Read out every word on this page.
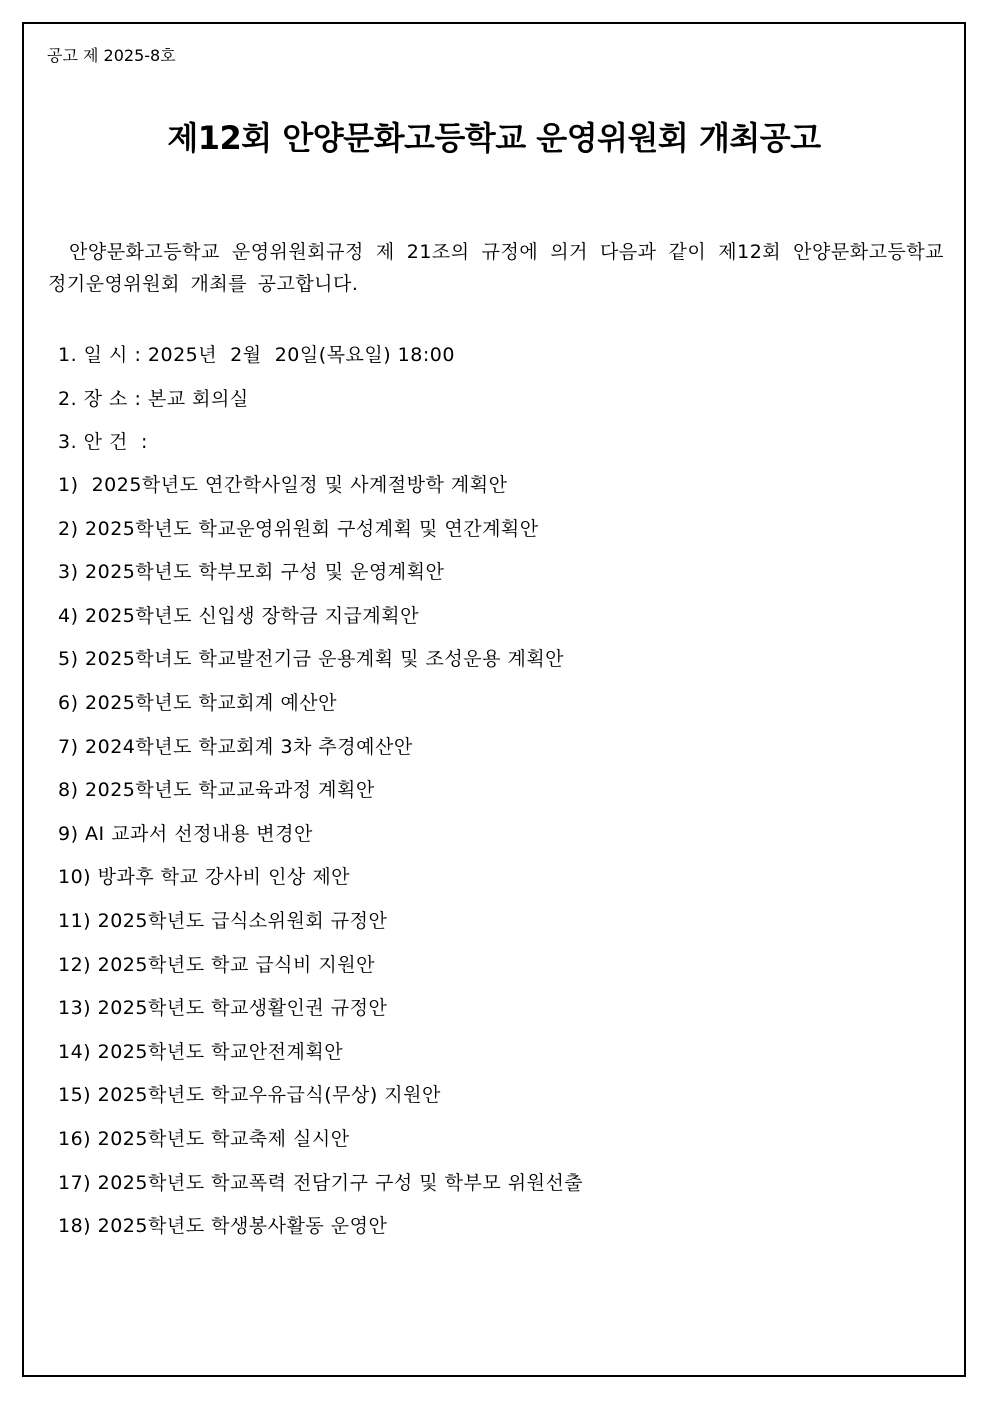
공고 제 2025-8호
제12회 안양문화고등학교 운영위원회 개최공고
안양문화고등학교 운영위원회규정 제 21조의 규정에 의거 다음과 같이 제12회 안양문화고등학교 정기운영위원회 개최를 공고합니다.
1. 일 시 : 2025년  2월  20일(목요일) 18:00
2. 장 소 : 본교 회의실
3. 안 건  :
1)  2025학년도 연간학사일정 및 사계절방학 계획안
2) 2025학년도 학교운영위원회 구성계획 및 연간계획안
3) 2025학년도 학부모회 구성 및 운영계획안
4) 2025학년도 신입생 장학금 지급계획안
5) 2025학녀도 학교발전기금 운용계획 및 조성운용 계획안
6) 2025학년도 학교회계 예산안
7) 2024학년도 학교회계 3차 추경예산안
8) 2025학년도 학교교육과정 계획안
9) AI 교과서 선정내용 변경안
10) 방과후 학교 강사비 인상 제안
11) 2025학년도 급식소위원회 규정안
12) 2025학년도 학교 급식비 지원안
13) 2025학년도 학교생활인권 규정안
14) 2025학년도 학교안전계획안
15) 2025학년도 학교우유급식(무상) 지원안
16) 2025학년도 학교축제 실시안
17) 2025학년도 학교폭력 전담기구 구성 및 학부모 위원선출
18) 2025학년도 학생봉사활동 운영안
